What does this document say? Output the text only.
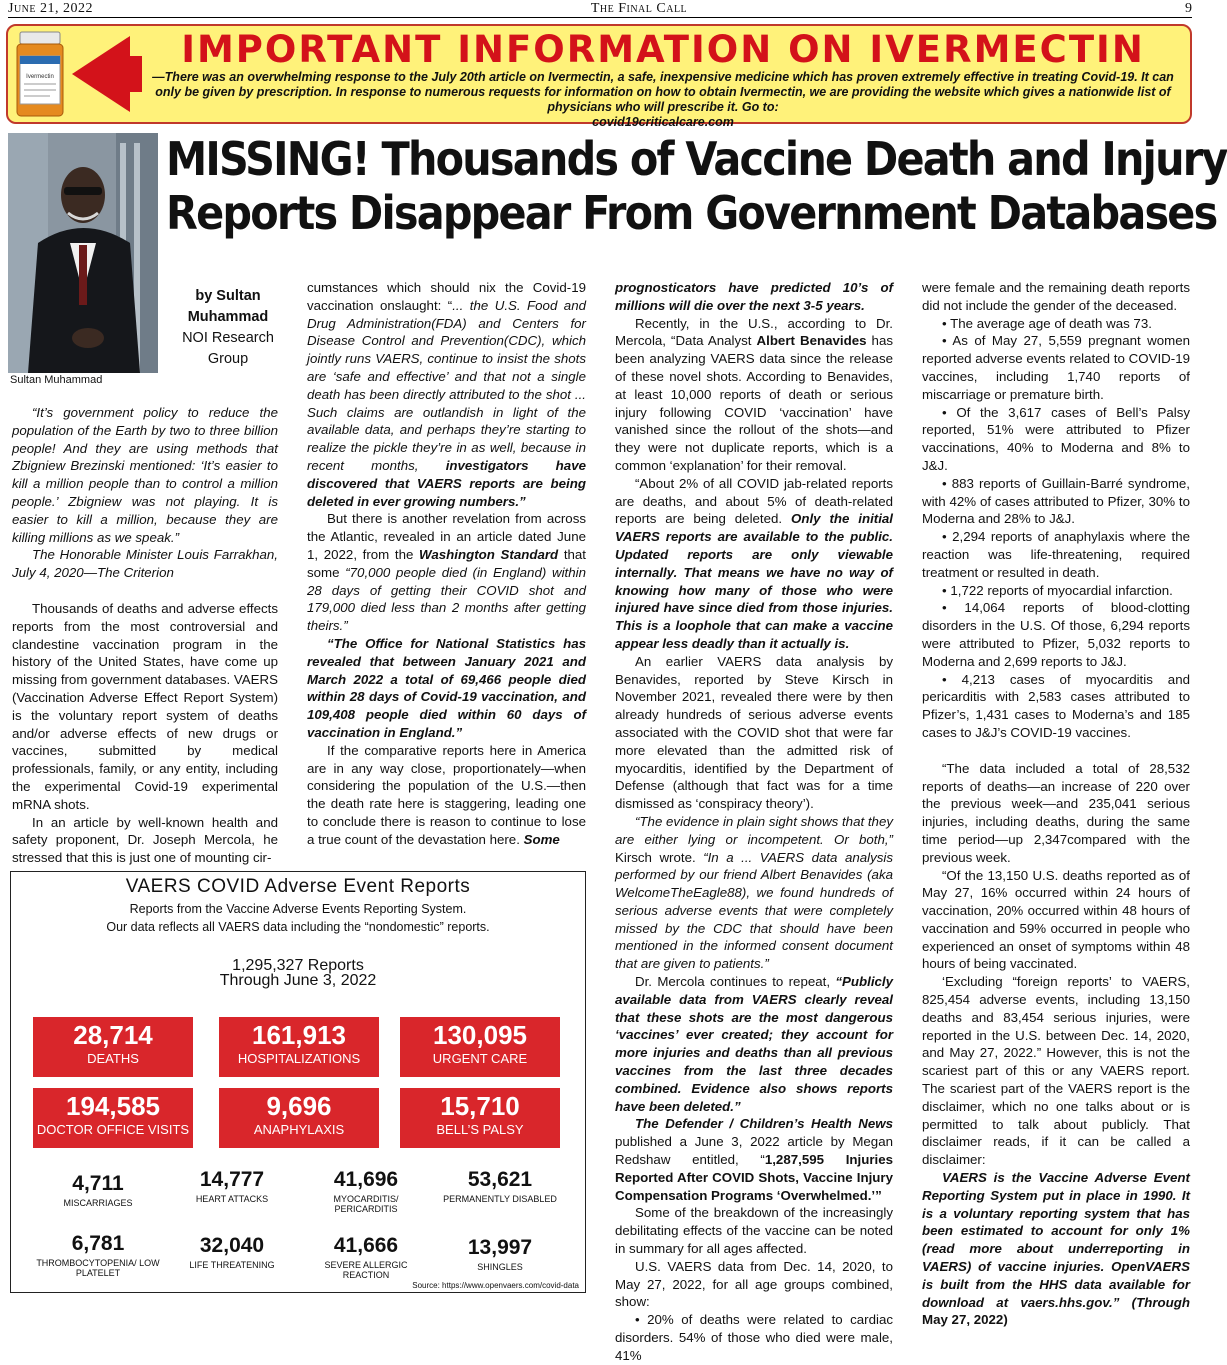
June 21, 2022	The Final Call	9
Ivermectin
IMPORTANT INFORMATION ON IVERMECTIN
—There was an overwhelming response to the July 20th article on Ivermectin, a safe, inexpensive medicine which has proven extremely effective in treating Covid-19. It can only be given by prescription. In response to numerous requests for information on how to obtain Ivermectin, we are providing the website which gives a nationwide list of physicians who will prescribe it. Go to:
covid19criticalcare.com
Sultan Muhammad
MISSING! Thousands of Vaccine Death and Injury
Reports Disappear From Government Databases
by Sultan
Muhammad
NOI Research
Group

“It’s government policy to reduce the population of the Earth by two to three billion people! And they are using methods that Zbigniew Brezinski mentioned: ‘It’s easier to kill a million people than to control a million people.’ Zbigniew was not playing. It is easier to kill a million, because they are killing millions as we speak.”

The Honorable Minister Louis Farrakhan, July 4, 2020—The Criterion

Thousands of deaths and adverse effects reports from the most controversial and clandestine vaccination program in the history of the United States, have come up missing from government databases. VAERS (Vaccination Adverse Effect Report System) is the voluntary report system of deaths and/or adverse effects of new drugs or vaccines, submitted by medical professionals, family, or any entity, including the experimental Covid-19 experimental mRNA shots.

In an article by well-known health and safety proponent, Dr. Joseph Mercola, he stressed that this is just one of mounting cir-

cumstances which should nix the Covid-19 vaccination onslaught: “... the U.S. Food and Drug Administration(FDA) and Centers for Disease Control and Prevention(CDC), which jointly runs VAERS, continue to insist the shots are ‘safe and effective’ and that not a single death has been directly attributed to the shot ... Such claims are outlandish in light of the available data, and perhaps they’re starting to realize the pickle they’re in as well, because in recent months, investigators have discovered that VAERS reports are being deleted in ever growing numbers.”

But there is another revelation from across the Atlantic, revealed in an article dated June 1, 2022, from the Washington Standard that some “70,000 people died (in England) within 28 days of getting their COVID shot and 179,000 died less than 2 months after getting theirs.”

“The Office for National Statistics has revealed that between January 2021 and March 2022 a total of 69,466 people died within 28 days of Covid-19 vaccination, and 109,408 people died within 60 days of vaccination in England.”

If the comparative reports here in America are in any way close, proportionately—when considering the population of the U.S.—then the death rate here is staggering, leading one to conclude there is reason to continue to lose a true count of the devastation here. Some

prognosticators have predicted 10’s of millions will die over the next 3-5 years.

Recently, in the U.S., according to Dr. Mercola, “Data Analyst Albert Benavides has been analyzing VAERS data since the release of these novel shots. According to Benavides, at least 10,000 reports of death or serious injury following COVID ‘vaccination’ have vanished since the rollout of the shots—and they were not duplicate reports, which is a common ‘explanation’ for their removal.

“About 2% of all COVID jab-related reports are deaths, and about 5% of death-related reports are being deleted. Only the initial VAERS reports are available to the public. Updated reports are only viewable internally. That means we have no way of knowing how many of those who were injured have since died from those injuries. This is a loophole that can make a vaccine appear less deadly than it actually is.

An earlier VAERS data analysis by Benavides, reported by Steve Kirsch in November 2021, revealed there were by then already hundreds of serious adverse events associated with the COVID shot that were far more elevated than the admitted risk of myocarditis, identified by the Department of Defense (although that fact was for a time dismissed as ‘conspiracy theory’).

“The evidence in plain sight shows that they are either lying or incompetent. Or both,” Kirsch wrote. “In a ... VAERS data analysis performed by our friend Albert Benavides (aka WelcomeTheEagle88), we found hundreds of serious adverse events that were completely missed by the CDC that should have been mentioned in the informed consent document that are given to patients.”

Dr. Mercola continues to repeat, “Publicly available data from VAERS clearly reveal that these shots are the most dangerous ‘vaccines’ ever created; they account for more injuries and deaths than all previous vaccines from the last three decades combined. Evidence also shows reports have been deleted.”

The Defender / Children’s Health News published a June 3, 2022 article by Megan Redshaw entitled, “1,287,595 Injuries Reported After COVID Shots, Vaccine Injury Compensation Programs ‘Overwhelmed.’”

Some of the breakdown of the increasingly debilitating effects of the vaccine can be noted in summary for all ages affected.

U.S. VAERS data from Dec. 14, 2020, to May 27, 2022, for all age groups combined, show:

• 20% of deaths were related to cardiac disorders. 54% of those who died were male, 41%

were female and the remaining death reports did not include the gender of the deceased.

• The average age of death was 73.

• As of May 27, 5,559 pregnant women reported adverse events related to COVID-19 vaccines, including 1,740 reports of miscarriage or premature birth.

• Of the 3,617 cases of Bell’s Palsy reported, 51% were attributed to Pfizer vaccinations, 40% to Moderna and 8% to J&J.

• 883 reports of Guillain-Barré syndrome, with 42% of cases attributed to Pfizer, 30% to Moderna and 28% to J&J.

• 2,294 reports of anaphylaxis where the reaction was life-threatening, required treatment or resulted in death.

• 1,722 reports of myocardial infarction.

• 14,064 reports of blood-clotting disorders in the U.S. Of those, 6,294 reports were attributed to Pfizer, 5,032 reports to Moderna and 2,699 reports to J&J.

• 4,213 cases of myocarditis and pericarditis with 2,583 cases attributed to Pfizer’s, 1,431 cases to Moderna’s and 185 cases to J&J’s COVID-19 vaccines.

“The data included a total of 28,532 reports of deaths—an increase of 220 over the previous week—and 235,041 serious injuries, including deaths, during the same time period—up 2,347compared with the previous week.

“Of the 13,150 U.S. deaths reported as of May 27, 16% occurred within 24 hours of vaccination, 20% occurred within 48 hours of vaccination and 59% occurred in people who experienced an onset of symptoms within 48 hours of being vaccinated.

‘Excluding “foreign reports’ to VAERS, 825,454 adverse events, including 13,150 deaths and 83,454 serious injuries, were reported in the U.S. between Dec. 14, 2020, and May 27, 2022.” However, this is not the scariest part of this or any VAERS report. The scariest part of the VAERS report is the disclaimer, which no one talks about or is permitted to talk about publicly. That disclaimer reads, if it can be called a disclaimer:

VAERS is the Vaccine Adverse Event Reporting System put in place in 1990. It is a voluntary reporting system that has been estimated to account for only 1% (read more about underreporting in VAERS) of vaccine injuries. OpenVAERS is built from the HHS data available for download at vaers.hhs.gov.” (Through May 27, 2022)

VAERS COVID Adverse Event Reports
Reports from the Vaccine Adverse Events Reporting System.
Our data reflects all VAERS data including the “nondomestic” reports.
1,295,327 Reports
Through June 3, 2022
28,714
DEATHS
161,913
HOSPITALIZATIONS
130,095
URGENT CARE
194,585
DOCTOR OFFICE VISITS
9,696
ANAPHYLAXIS
15,710
BELL’S PALSY
4,711
MISCARRIAGES
14,777
HEART ATTACKS
41,696
MYOCARDITIS/ PERICARDITIS
53,621
PERMANENTLY DISABLED
6,781
THROMBOCYTOPENIA/ LOW PLATELET
32,040
LIFE THREATENING
41,666
SEVERE ALLERGIC REACTION
13,997
SHINGLES
Source: https://www.openvaers.com/covid-data
